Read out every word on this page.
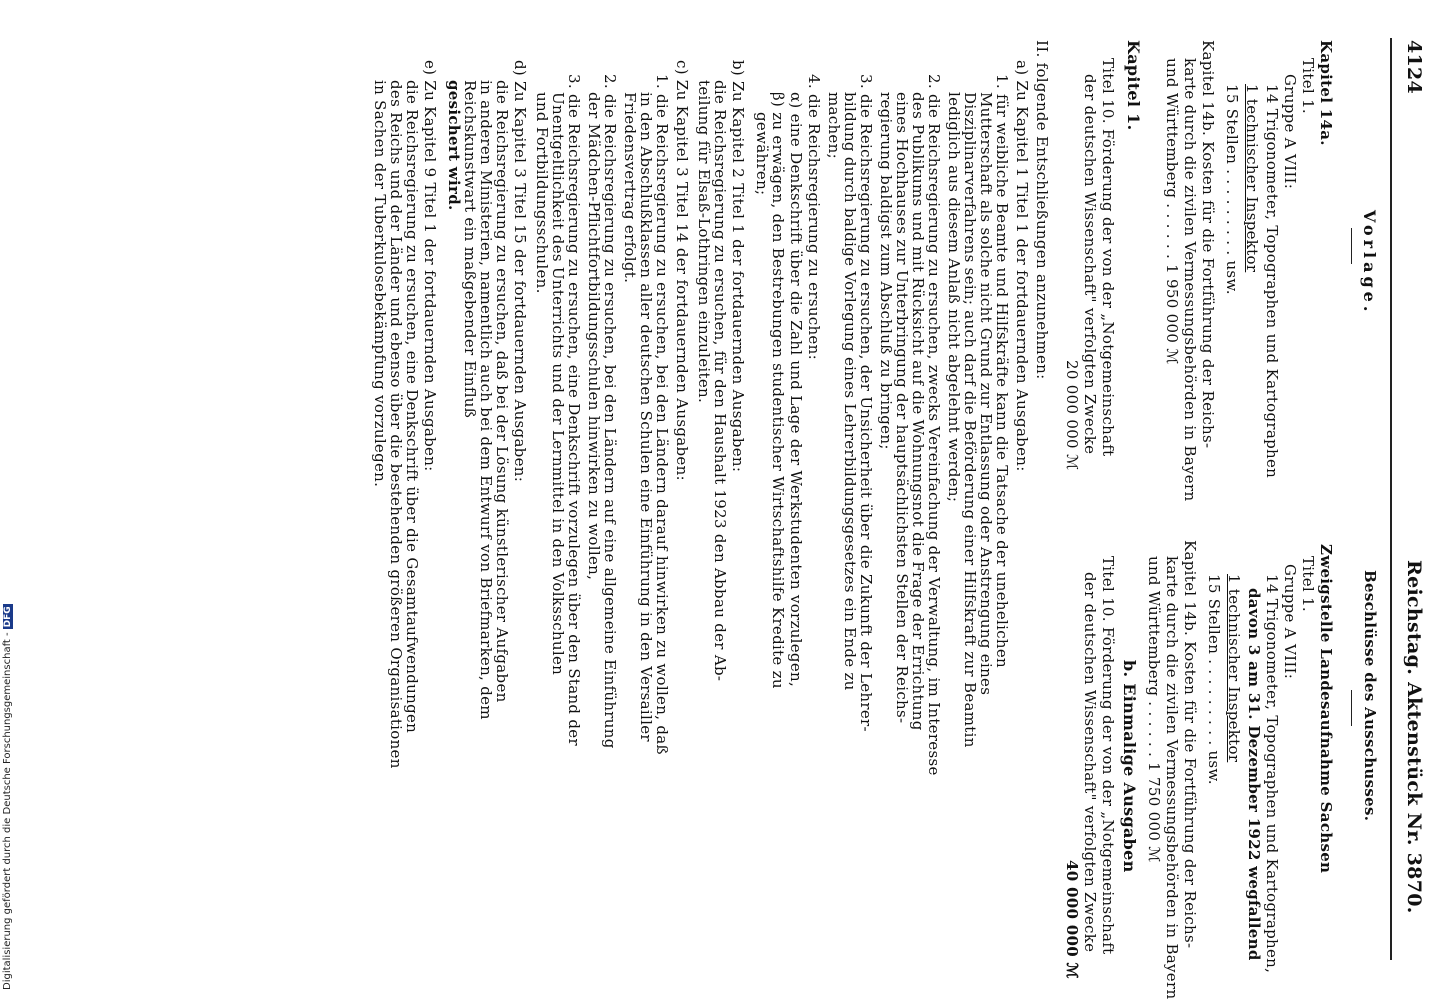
4124
Reichstag. Aktenstück Nr. 3870.
Vorlage.
Kapitel 14a.
Titel 1.
Gruppe A VIII:
14 Trigonometer, Topographen und Kartographen
1 technischer Inspektor
15 Stellen . . . . . . . . . usw.
Kapitel 14b. Kosten für die Fortführung der Reichs-
karte durch die zivilen Vermessungsbehörden in Bayern
und Württemberg . . . . . . 1 950 000 ℳ
Kapitel 1.
Titel 10. Förderung der von der „Notgemeinschaft
der deutschen Wissenschaft" verfolgten Zwecke
20 000 000 ℳ
Beschlüsse des Ausschusses.
Zweigstelle Landesaufnahme Sachsen
Titel 1.
Gruppe A VIII:
14 Trigonometer, Topographen und Kartographen,
davon 3 am 31. Dezember 1922 wegfallend
1 technischer Inspektor
15 Stellen . . . . . . . . . usw.
Kapitel 14b. Kosten für die Fortführung der Reichs-
karte durch die zivilen Vermessungsbehörden in Bayern
und Württemberg . . . . . . 1 750 000 ℳ
b. Einmalige Ausgaben
Titel 10. Förderung der von der „Notgemeinschaft
der deutschen Wissenschaft" verfolgten Zwecke
40 000 000 ℳ
II. folgende Entschließungen anzunehmen:
a) Zu Kapitel 1 Titel 1 der fortdauernden Ausgaben:
1. für weibliche Beamte und Hilfskräfte kann die Tatsache der unehelichen
Mutterschaft als solche nicht Grund zur Entlassung oder Anstrengung eines
Disziplinarverfahrens sein; auch darf die Beförderung einer Hilfskraft zur Beamtin
lediglich aus diesem Anlaß nicht abgelehnt werden;
2. die Reichsregierung zu ersuchen, zwecks Vereinfachung der Verwaltung, im Interesse
des Publikums und mit Rücksicht auf die Wohnungsnot die Frage der Errichtung
eines Hochhauses zur Unterbringung der hauptsächlichsten Stellen der Reichs-
regierung baldigst zum Abschluß zu bringen;
3. die Reichsregierung zu ersuchen, der Unsicherheit über die Zukunft der Lehrer-
bildung durch baldige Vorlegung eines Lehrerbildungsgesetzes ein Ende zu
machen;
4. die Reichsregierung zu ersuchen:
α) eine Denkschrift über die Zahl und Lage der Werkstudenten vorzulegen,
β) zu erwägen, den Bestrebungen studentischer Wirtschaftshilfe Kredite zu
gewähren;
b) Zu Kapitel 2 Titel 1 der fortdauernden Ausgaben:
die Reichsregierung zu ersuchen, für den Haushalt 1923 den Abbau der Ab-
teilung für Elsaß-Lothringen einzuleiten.
c) Zu Kapitel 3 Titel 14 der fortdauernden Ausgaben:
1. die Reichsregierung zu ersuchen, bei den Ländern darauf hinwirken zu wollen, daß
in den Abschlußklassen aller deutschen Schulen eine Einführung in den Versailler
Friedensvertrag erfolgt.
2. die Reichsregierung zu ersuchen, bei den Ländern auf eine allgemeine Einführung
der Mädchen-Pflichtfortbildungsschulen hinwirken zu wollen,
3. die Reichsregierung zu ersuchen, eine Denkschrift vorzulegen über den Stand der
Unentgeltlichkeit des Unterrichts und der Lernmittel in den Volksschulen
und Fortbildungsschulen.
d) Zu Kapitel 3 Titel 15 der fortdauernden Ausgaben:
die Reichsregierung zu ersuchen, daß bei der Lösung künstlerischer Aufgaben
in anderen Ministerien, namentlich auch bei dem Entwurf von Briefmarken, dem
Reichskunstwart ein maßgebender Einfluß
gesichert wird.
e) Zu Kapitel 9 Titel 1 der fortdauernden Ausgaben:
die Reichsregierung zu ersuchen, eine Denkschrift über die Gesamtaufwendungen
des Reichs und der Länder und ebenso über die bestehenden größeren Organisationen
in Sachen der Tuberkulosebekämpfung vorzulegen.
Digitalisierung gefördert durch die Deutsche Forschungsgemeinschaft -DFG
